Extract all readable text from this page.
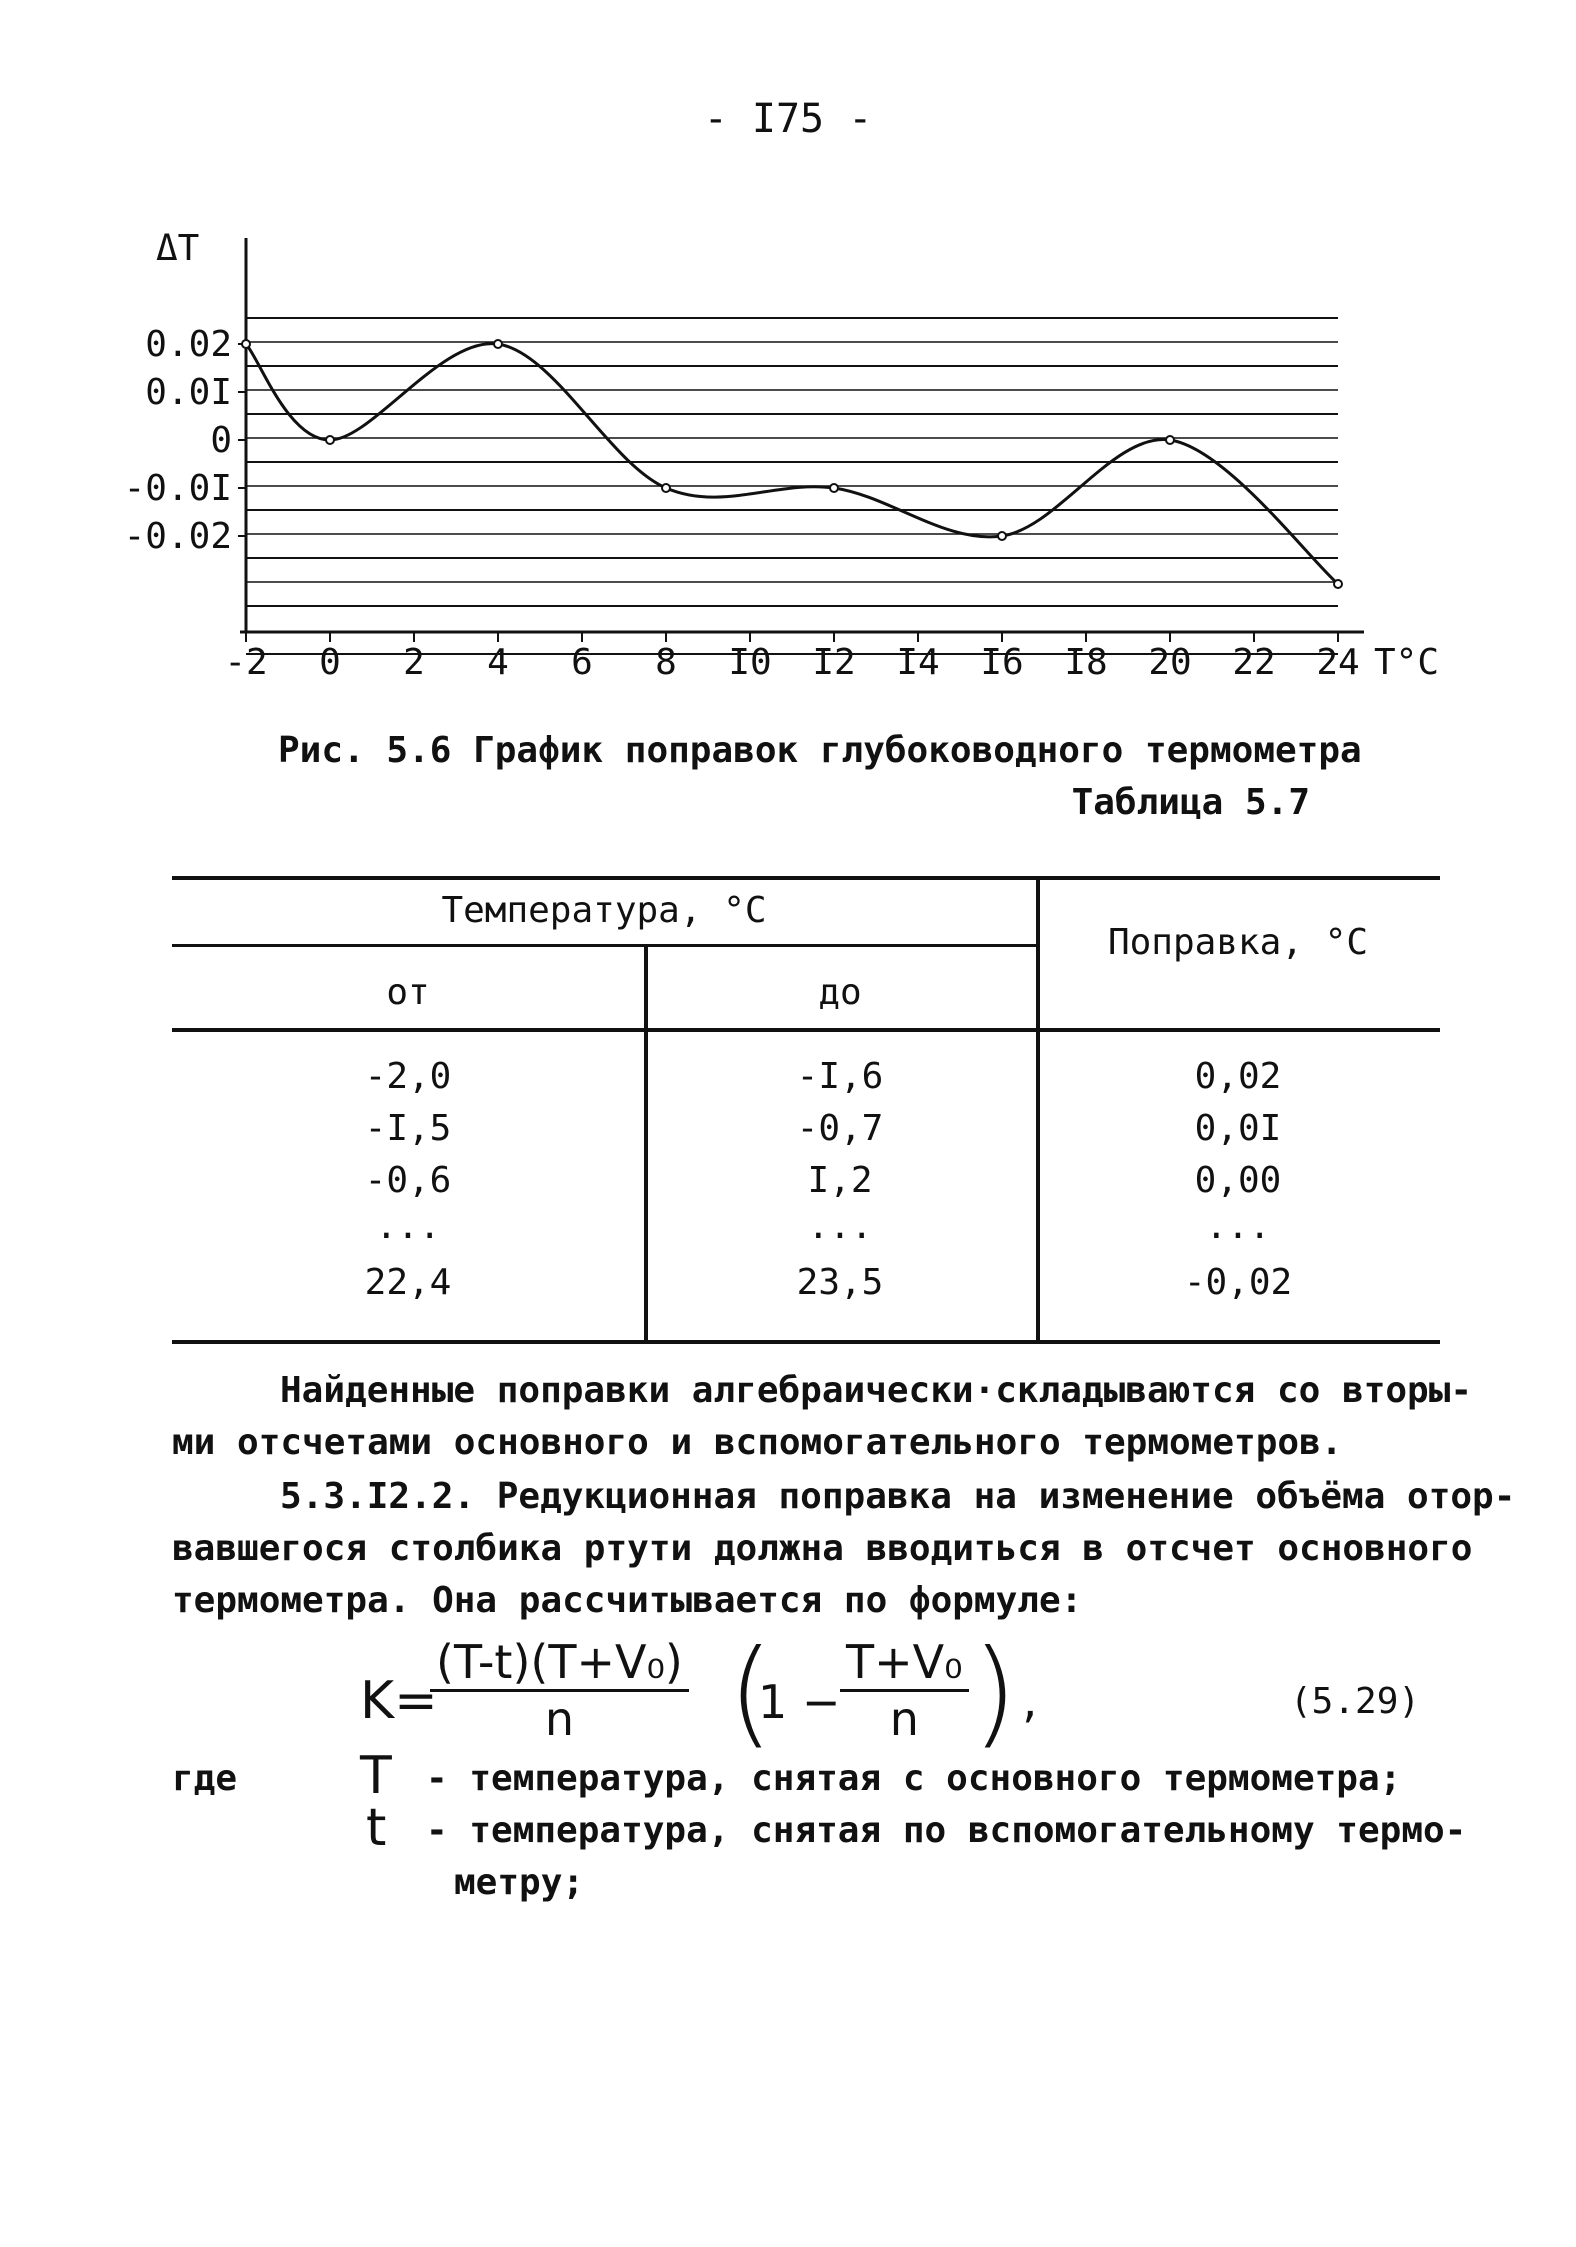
- I75 -
-2 0 2 4 6 8 I0 I2 I4 I6 I8 20 22 24
0.02
0.0I
0
-0.0I
-0.02
ΔT
T°C
Рис. 5.6 График поправок глубоководного термометра
Таблица 5.7
Температура, °С
от	до
Поправка, °С
-2,0	-I,6	0,02
-I,5	-0,7	0,0I
-0,6	I,2	0,00
...	...	...
22,4	23,5	-0,02
Найденные поправки алгебраически·складываются со вторы-
ми отсчетами основного и вспомогательного термометров.
5.3.I2.2. Редукционная поправка на изменение объёма отор-
вавшегося столбика ртути должна вводиться в отсчет основного
термометра. Она рассчитывается по формуле:
K=
$\frac{\text{(T-t)(T+V₀)}}{n}$ (
$1 - \frac{\text{T+V₀}}{n}$ ) ,	(5.29)
где T - температура, снятая с основного термометра;
t - температура, снятая по вспомогательному термо-
метру;
